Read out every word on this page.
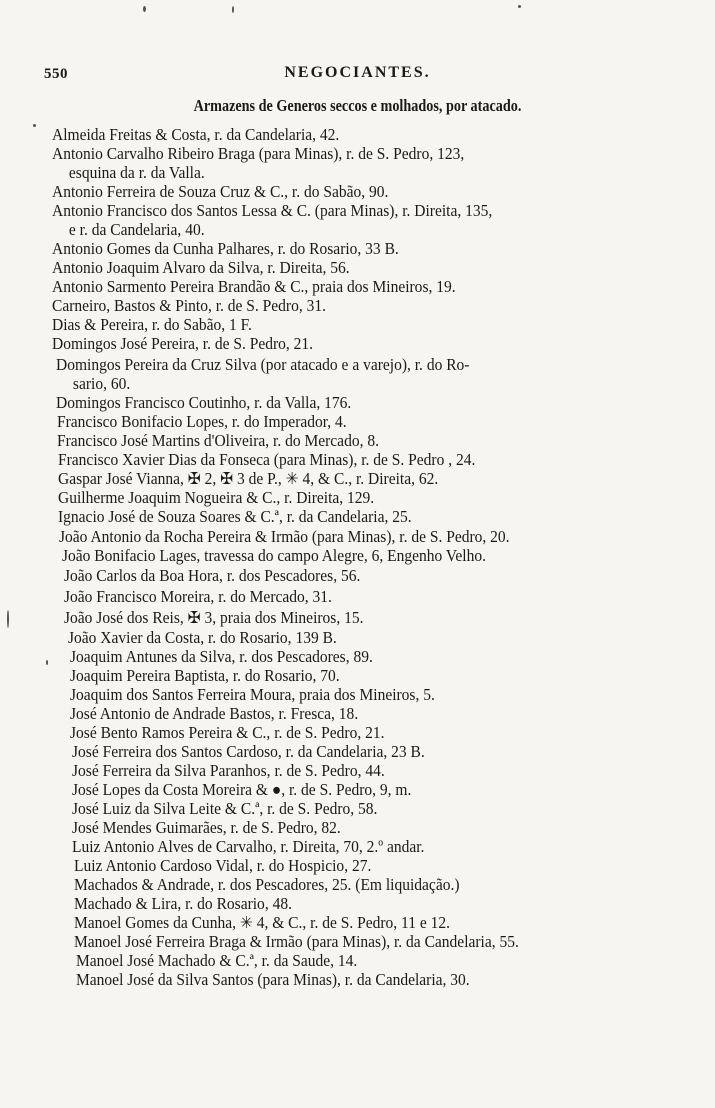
550	NEGOCIANTES.
Armazens de Generos seccos e molhados, por atacado.
Almeida Freitas & Costa, r. da Candelaria, 42.
Antonio Carvalho Ribeiro Braga (para Minas), r. de S. Pedro, 123,
esquina da r. da Valla.
Antonio Ferreira de Souza Cruz & C., r. do Sabão, 90.
Antonio Francisco dos Santos Lessa & C. (para Minas), r. Direita, 135,
e r. da Candelaria, 40.
Antonio Gomes da Cunha Palhares, r. do Rosario, 33 B.
Antonio Joaquim Alvaro da Silva, r. Direita, 56.
Antonio Sarmento Pereira Brandão & C., praia dos Mineiros, 19.
Carneiro, Bastos & Pinto, r. de S. Pedro, 31.
Dias & Pereira, r. do Sabão, 1 F.
Domingos José Pereira, r. de S. Pedro, 21.
Domingos Pereira da Cruz Silva (por atacado e a varejo), r. do Ro-
sario, 60.
Domingos Francisco Coutinho, r. da Valla, 176.
Francisco Bonifacio Lopes, r. do Imperador, 4.
Francisco José Martins d'Oliveira, r. do Mercado, 8.
Francisco Xavier Dias da Fonseca (para Minas), r. de S. Pedro , 24.
Gaspar José Vianna, ✠ 2, ✠ 3 de P., ✳ 4, & C., r. Direita, 62.
Guilherme Joaquim Nogueira & C., r. Direita, 129.
Ignacio José de Souza Soares & C.ª, r. da Candelaria, 25.
João Antonio da Rocha Pereira & Irmão (para Minas), r. de S. Pedro, 20.
João Bonifacio Lages, travessa do campo Alegre, 6, Engenho Velho.
João Carlos da Boa Hora, r. dos Pescadores, 56.
João Francisco Moreira, r. do Mercado, 31.
João José dos Reis, ✠ 3, praia dos Mineiros, 15.
João Xavier da Costa, r. do Rosario, 139 B.
Joaquim Antunes da Silva, r. dos Pescadores, 89.
Joaquim Pereira Baptista, r. do Rosario, 70.
Joaquim dos Santos Ferreira Moura, praia dos Mineiros, 5.
José Antonio de Andrade Bastos, r. Fresca, 18.
José Bento Ramos Pereira & C., r. de S. Pedro, 21.
José Ferreira dos Santos Cardoso, r. da Candelaria, 23 B.
José Ferreira da Silva Paranhos, r. de S. Pedro, 44.
José Lopes da Costa Moreira & ●, r. de S. Pedro, 9, m.
José Luiz da Silva Leite & C.ª, r. de S. Pedro, 58.
José Mendes Guimarães, r. de S. Pedro, 82.
Luiz Antonio Alves de Carvalho, r. Direita, 70, 2.º andar.
Luiz Antonio Cardoso Vidal, r. do Hospicio, 27.
Machados & Andrade, r. dos Pescadores, 25. (Em liquidação.)
Machado & Lira, r. do Rosario, 48.
Manoel Gomes da Cunha, ✳ 4, & C., r. de S. Pedro, 11 e 12.
Manoel José Ferreira Braga & Irmão (para Minas), r. da Candelaria, 55.
Manoel José Machado & C.ª, r. da Saude, 14.
Manoel José da Silva Santos (para Minas), r. da Candelaria, 30.
